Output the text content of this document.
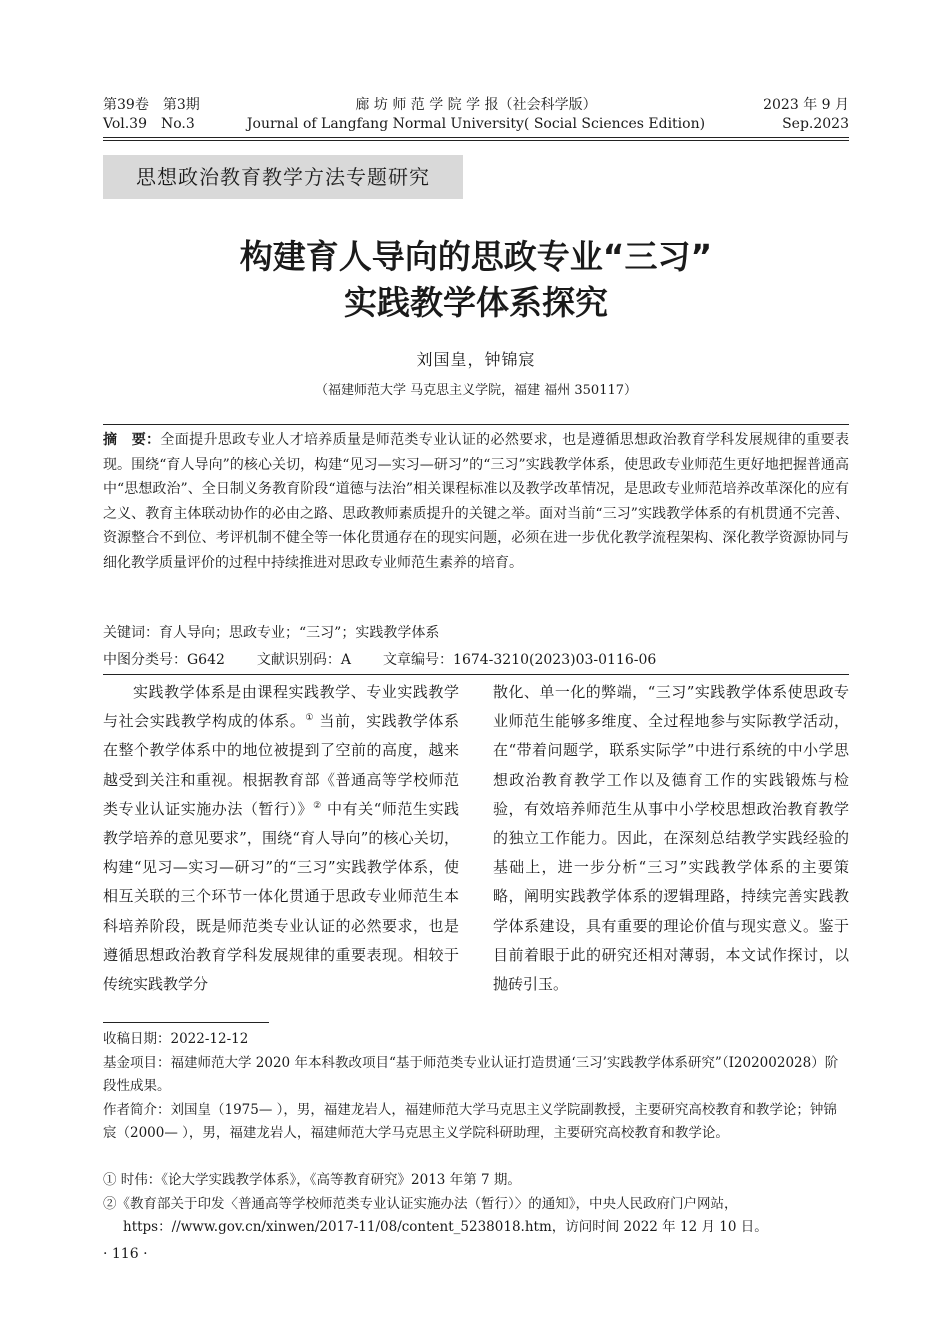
第39卷　第3期
Vol.39　No.3
廊 坊 师 范 学 院 学 报（社会科学版）
Journal of Langfang Normal University( Social Sciences Edition)
2023 年 9 月
Sep.2023
思想政治教育教学方法专题研究
构建育人导向的思政专业“三习”
实践教学体系探究
刘国皇，钟锦宸
（福建师范大学 马克思主义学院，福建 福州 350117）
摘　要：全面提升思政专业人才培养质量是师范类专业认证的必然要求，也是遵循思想政治教育学科发展规律的重要表现。围绕“育人导向”的核心关切，构建“见习—实习—研习”的“三习”实践教学体系，使思政专业师范生更好地把握普通高中“思想政治”、全日制义务教育阶段“道德与法治”相关课程标准以及教学改革情况，是思政专业师范培养改革深化的应有之义、教育主体联动协作的必由之路、思政教师素质提升的关键之举。面对当前“三习”实践教学体系的有机贯通不完善、资源整合不到位、考评机制不健全等一体化贯通存在的现实问题，必须在进一步优化教学流程架构、深化教学资源协同与细化教学质量评价的过程中持续推进对思政专业师范生素养的培育。
关键词：育人导向；思政专业；“三习”；实践教学体系
中图分类号：G642 文献识别码：A 文章编号：1674-3210(2023)03-0116-06

实践教学体系是由课程实践教学、专业实践教学与社会实践教学构成的体系。① 当前，实践教学体系在整个教学体系中的地位被提到了空前的高度，越来越受到关注和重视。根据教育部《普通高等学校师范类专业认证实施办法（暂行）》② 中有关“师范生实践教学培养的意见要求”，围绕“育人导向”的核心关切，构建“见习—实习—研习”的“三习”实践教学体系，使相互关联的三个环节一体化贯通于思政专业师范生本科培养阶段，既是师范类专业认证的必然要求，也是遵循思想政治教育学科发展规律的重要表现。相较于传统实践教学分

散化、单一化的弊端，“三习”实践教学体系使思政专业师范生能够多维度、全过程地参与实际教学活动，在“带着问题学，联系实际学”中进行系统的中小学思想政治教育教学工作以及德育工作的实践锻炼与检验，有效培养师范生从事中小学校思想政治教育教学的独立工作能力。因此，在深刻总结教学实践经验的基础上，进一步分析“三习”实践教学体系的主要策略，阐明实践教学体系的逻辑理路，持续完善实践教学体系建设，具有重要的理论价值与现实意义。鉴于目前着眼于此的研究还相对薄弱，本文试作探讨，以抛砖引玉。

收稿日期：2022-12-12
基金项目：福建师范大学 2020 年本科教改项目“基于师范类专业认证打造贯通‘三习’实践教学体系研究”（I202002028）阶段性成果。
作者简介：刘国皇（1975— ），男，福建龙岩人，福建师范大学马克思主义学院副教授，主要研究高校教育和教学论；钟锦宸（2000— ），男，福建龙岩人，福建师范大学马克思主义学院科研助理，主要研究高校教育和教学论。
① 时伟：《论大学实践教学体系》，《高等教育研究》2013 年第 7 期。
②《教育部关于印发〈普通高等学校师范类专业认证实施办法（暂行）〉的通知》，中央人民政府门户网站，https：//www.gov.cn/xinwen/2017-11/08/content_5238018.htm，访问时间 2022 年 12 月 10 日。
· 116 ·
